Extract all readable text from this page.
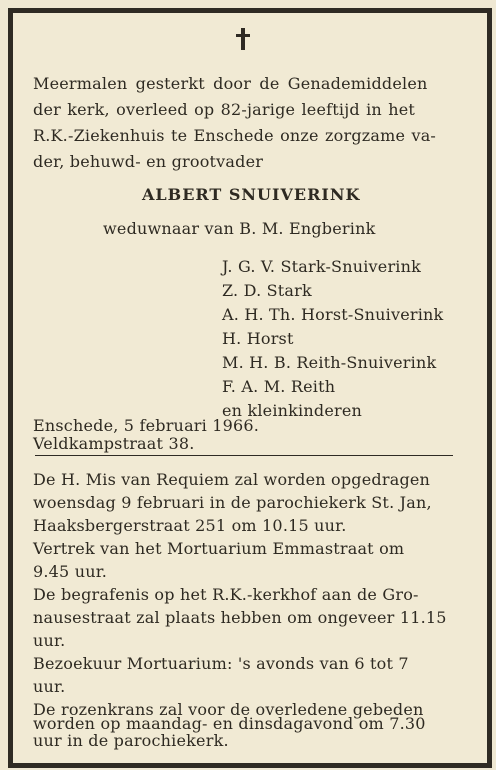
Meermalen gesterkt door de Genademiddelen
der kerk, overleed op 82-jarige leeftijd in het
R.K.-Ziekenhuis te Enschede onze zorgzame va-
der, behuwd- en grootvader
ALBERT SNUIVERINK
weduwnaar van B. M. Engberink
J. G. V. Stark-Snuiverink
Z. D. Stark
A. H. Th. Horst-Snuiverink
H. Horst
M. H. B. Reith-Snuiverink
F. A. M. Reith
en kleinkinderen
Enschede, 5 februari 1966.
Veldkampstraat 38.
De H. Mis van Requiem zal worden opgedragen
woensdag 9 februari in de parochiekerk St. Jan,
Haaksbergerstraat 251 om 10.15 uur.
Vertrek van het Mortuarium Emmastraat om
9.45 uur.
De begrafenis op het R.K.-kerkhof aan de Gro-
nausestraat zal plaats hebben om ongeveer 11.15
uur.
Bezoekuur Mortuarium: 's avonds van 6 tot 7
uur.
De rozenkrans zal voor de overledene gebeden
worden op maandag- en dinsdagavond om 7.30
uur in de parochiekerk.
